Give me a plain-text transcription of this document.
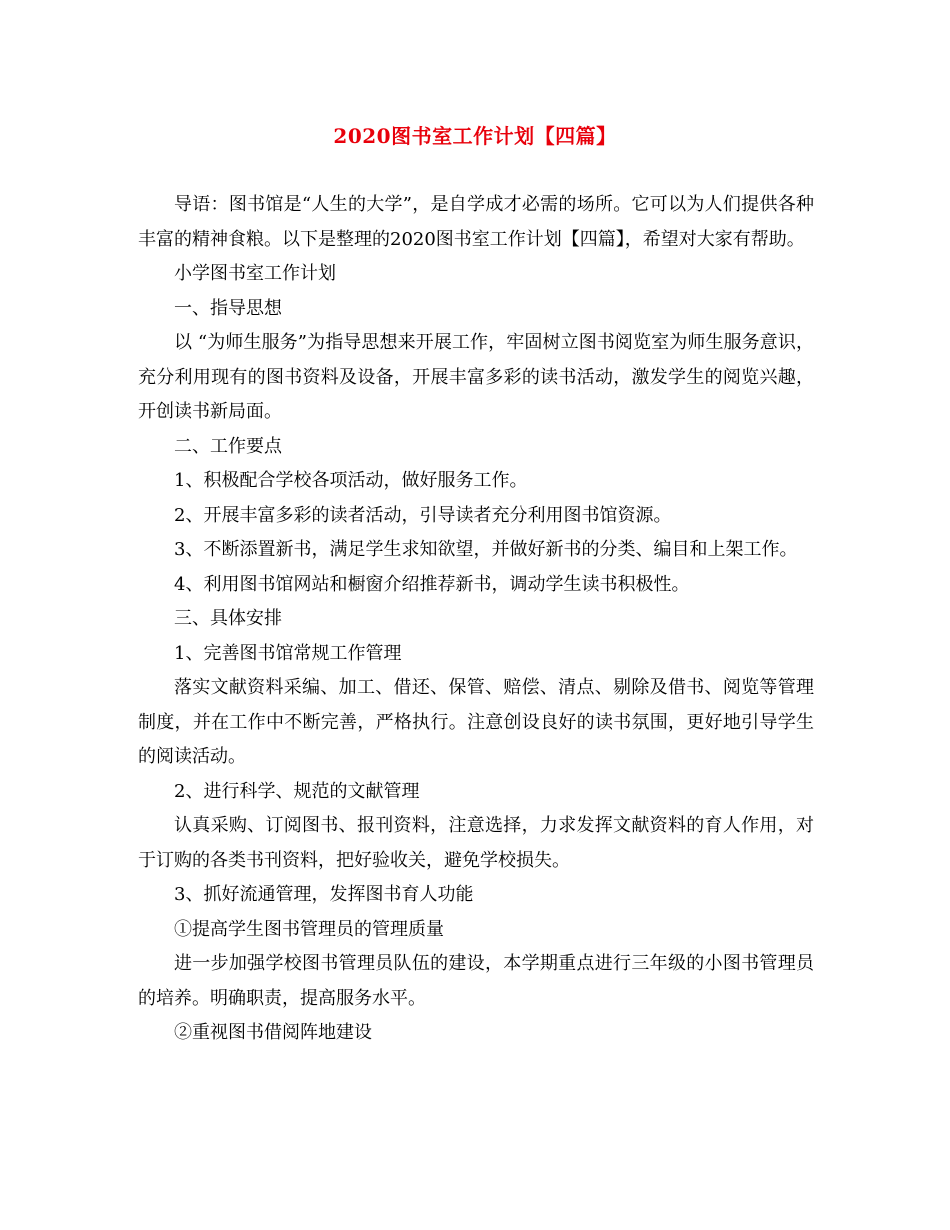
2020图书室工作计划【四篇】

导语：图书馆是“人生的大学”，是自学成才必需的场所。它可以为人们提供各种丰富的精神食粮。以下是整理的2020图书室工作计划【四篇】，希望对大家有帮助。

小学图书室工作计划

一、指导思想

以 “为师生服务”为指导思想来开展工作，牢固树立图书阅览室为师生服务意识，充分利用现有的图书资料及设备，开展丰富多彩的读书活动，激发学生的阅览兴趣，开创读书新局面。

二、工作要点

1、积极配合学校各项活动，做好服务工作。

2、开展丰富多彩的读者活动，引导读者充分利用图书馆资源。

3、不断添置新书，满足学生求知欲望，并做好新书的分类、编目和上架工作。

4、利用图书馆网站和橱窗介绍推荐新书，调动学生读书积极性。

三、具体安排

1、完善图书馆常规工作管理

落实文献资料采编、加工、借还、保管、赔偿、清点、剔除及借书、阅览等管理制度，并在工作中不断完善，严格执行。注意创设良好的读书氛围，更好地引导学生的阅读活动。

2、进行科学、规范的文献管理

认真采购、订阅图书、报刊资料，注意选择，力求发挥文献资料的育人作用，对于订购的各类书刊资料，把好验收关，避免学校损失。

3、抓好流通管理，发挥图书育人功能

①提高学生图书管理员的管理质量

进一步加强学校图书管理员队伍的建设，本学期重点进行三年级的小图书管理员的培养。明确职责，提高服务水平。

②重视图书借阅阵地建设
